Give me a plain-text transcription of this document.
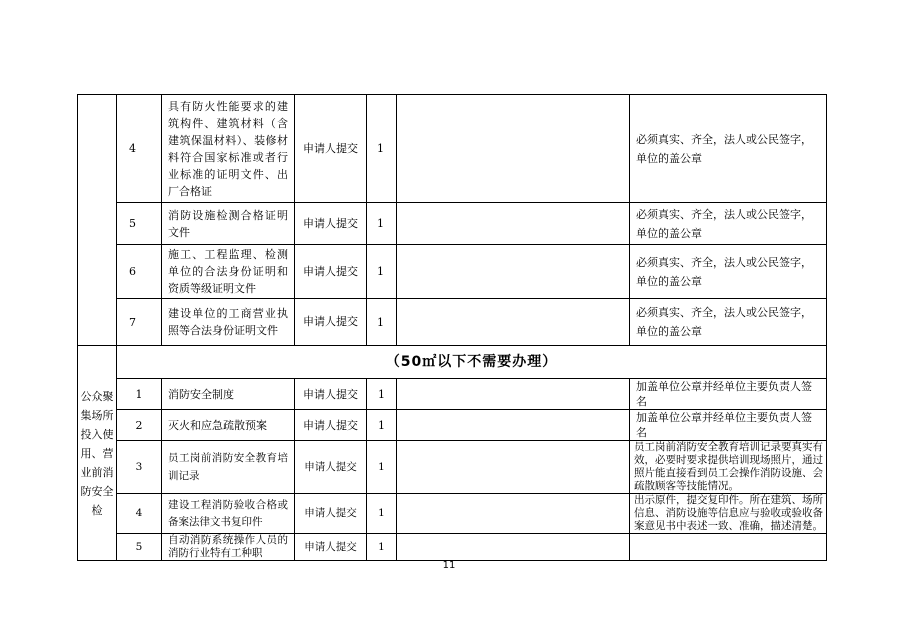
	4	具有防火性能要求的建筑构件、建筑材料（含建筑保温材料）、装修材料符合国家标准或者行业标准的证明文件、出厂合格证	申请人提交	1		必须真实、齐全，法人或公民签字，单位的盖公章
	5	消防设施检测合格证明文件	申请人提交	1		必须真实、齐全，法人或公民签字，单位的盖公章
	6	施工、工程监理、检测单位的合法身份证明和资质等级证明文件	申请人提交	1		必须真实、齐全，法人或公民签字，单位的盖公章
	7	建设单位的工商营业执照等合法身份证明文件	申请人提交	1		必须真实、齐全，法人或公民签字，单位的盖公章
公众聚集场所投入使用、营业前消防安全检	（50㎡以下不需要办理）					
	1	消防安全制度	申请人提交	1		加盖单位公章并经单位主要负责人签名
	2	灭火和应急疏散预案	申请人提交	1		加盖单位公章并经单位主要负责人签名
	3	员工岗前消防安全教育培训记录	申请人提交	1		员工岗前消防安全教育培训记录要真实有效，必要时要求提供培训现场照片，通过照片能直接看到员工会操作消防设施、会疏散顾客等技能情况。
	4	建设工程消防验收合格或备案法律文书复印件	申请人提交	1		出示原件，提交复印件。所在建筑、场所信息、消防设施等信息应与验收或验收备案意见书中表述一致、准确，描述清楚。
	5	自动消防系统操作人员的消防行业特有工种职	申请人提交	1		
11
